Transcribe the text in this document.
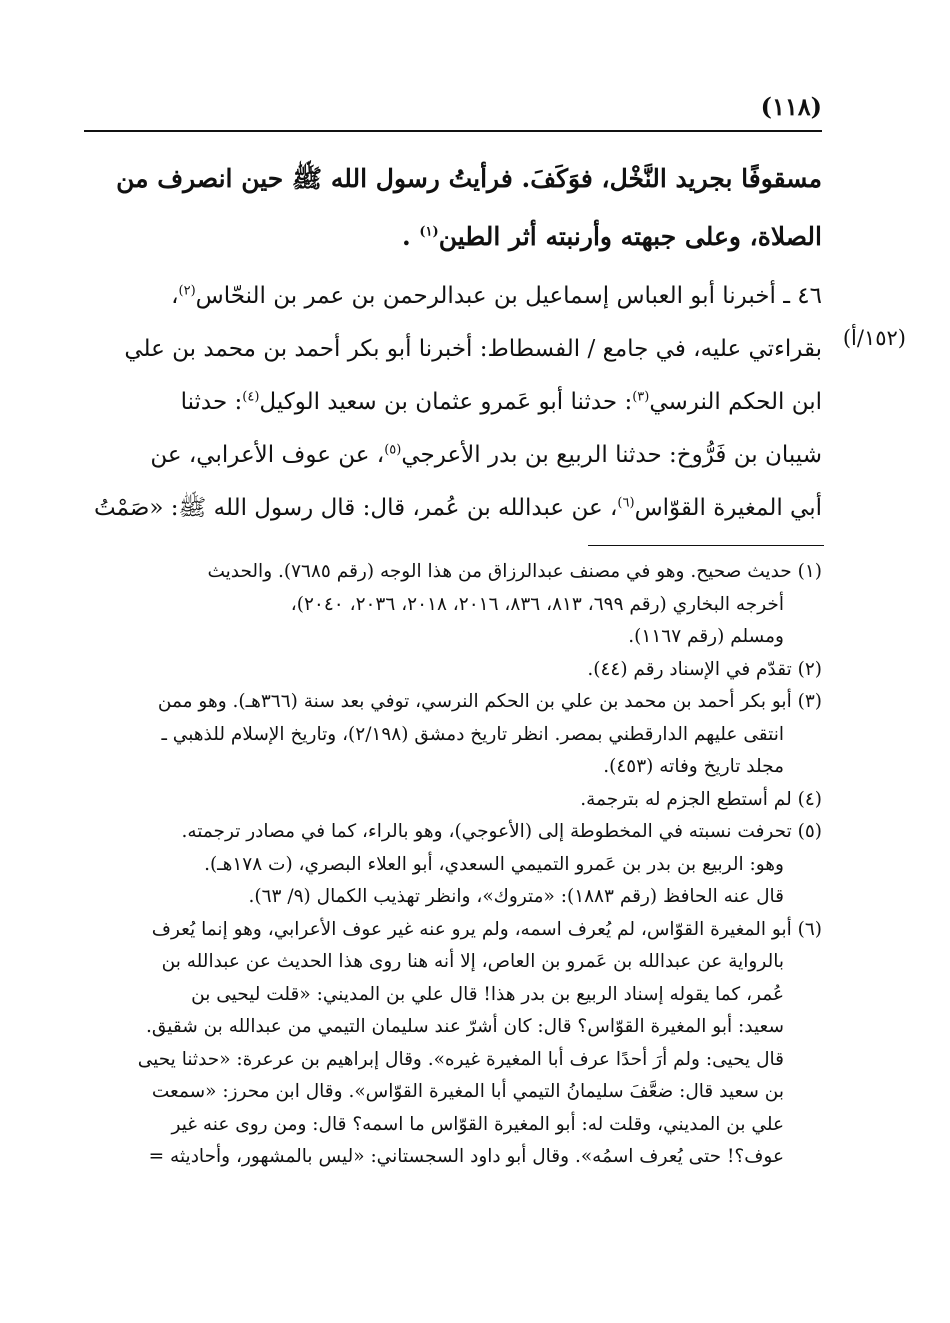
(١١٨)
مسقوفًا بجريد النَّخْل، فوَكَفَ. فرأيتُ رسول الله ﷺ حين انصرف من
الصلاة، وعلى جبهته وأرنبته أثر الطين$^{(١)}$ .
(١٥٢/أ)
٤٦ ـ أخبرنا أبو العباس إسماعيل بن عبدالرحمن بن عمر بن النحّاس$^{(٢)}$،
بقراءتي عليه، في جامع / الفسطاط: أخبرنا أبو بكر أحمد بن محمد بن علي
ابن الحكم النرسي$^{(٣)}$: حدثنا أبو عَمرو عثمان بن سعيد الوكيل$^{(٤)}$: حدثنا
شيبان بن فَرُّوخ: حدثنا الربيع بن بدر الأعرجي$^{(٥)}$، عن عوف الأعرابي، عن
أبي المغيرة القوّاس$^{(٦)}$، عن عبدالله بن عُمر، قال: قال رسول الله ﷺ: «صَمْتُ
(١) حديث صحيح. وهو في مصنف عبدالرزاق من هذا الوجه (رقم ٧٦٨٥). والحديث
أخرجه البخاري (رقم ٦٩٩، ٨١٣، ٨٣٦، ٢٠١٦، ٢٠١٨، ٢٠٣٦، ٢٠٤٠)،
ومسلم (رقم ١١٦٧).
(٢) تقدّم في الإسناد رقم (٤٤).
(٣) أبو بكر أحمد بن محمد بن علي بن الحكم النرسي، توفي بعد سنة (٣٦٦هـ). وهو ممن
انتقى عليهم الدارقطني بمصر. انظر تاريخ دمشق (٢/١٩٨)، وتاريخ الإسلام للذهبي ـ
مجلد تاريخ وفاته (٤٥٣).
(٤) لم أستطع الجزم له بترجمة.
(٥) تحرفت نسبته في المخطوطة إلى (الأعوجي)، وهو بالراء، كما في مصادر ترجمته.
وهو: الربيع بن بدر بن عَمرو التميمي السعدي، أبو العلاء البصري، (ت ١٧٨هـ).
قال عنه الحافظ (رقم ١٨٨٣): «متروك»، وانظر تهذيب الكمال (٩/ ٦٣).
(٦) أبو المغيرة القوّاس، لم يُعرف اسمه، ولم يرو عنه غير عوف الأعرابي، وهو إنما يُعرف
بالرواية عن عبدالله بن عَمرو بن العاص، إلا أنه هنا روى هذا الحديث عن عبدالله بن
عُمر، كما يقوله إسناد الربيع بن بدر هذا! قال علي بن المديني: «قلت ليحيى بن
سعيد: أبو المغيرة القوّاس؟ قال: كان أشرّ عند سليمان التيمي من عبدالله بن شقيق.
قال يحيى: ولم أرَ أحدًا عرف أبا المغيرة غيره». وقال إبراهيم بن عرعرة: «حدثنا يحيى
بن سعيد قال: ضعَّفَ سليمانُ التيمي أبا المغيرة القوّاس». وقال ابن محرز: «سمعت
علي بن المديني، وقلت له: أبو المغيرة القوّاس ما اسمه؟ قال: ومن روى عنه غير
عوف؟! حتى يُعرف اسمُه». وقال أبو داود السجستاني: «ليس بالمشهور، وأحاديثه =
